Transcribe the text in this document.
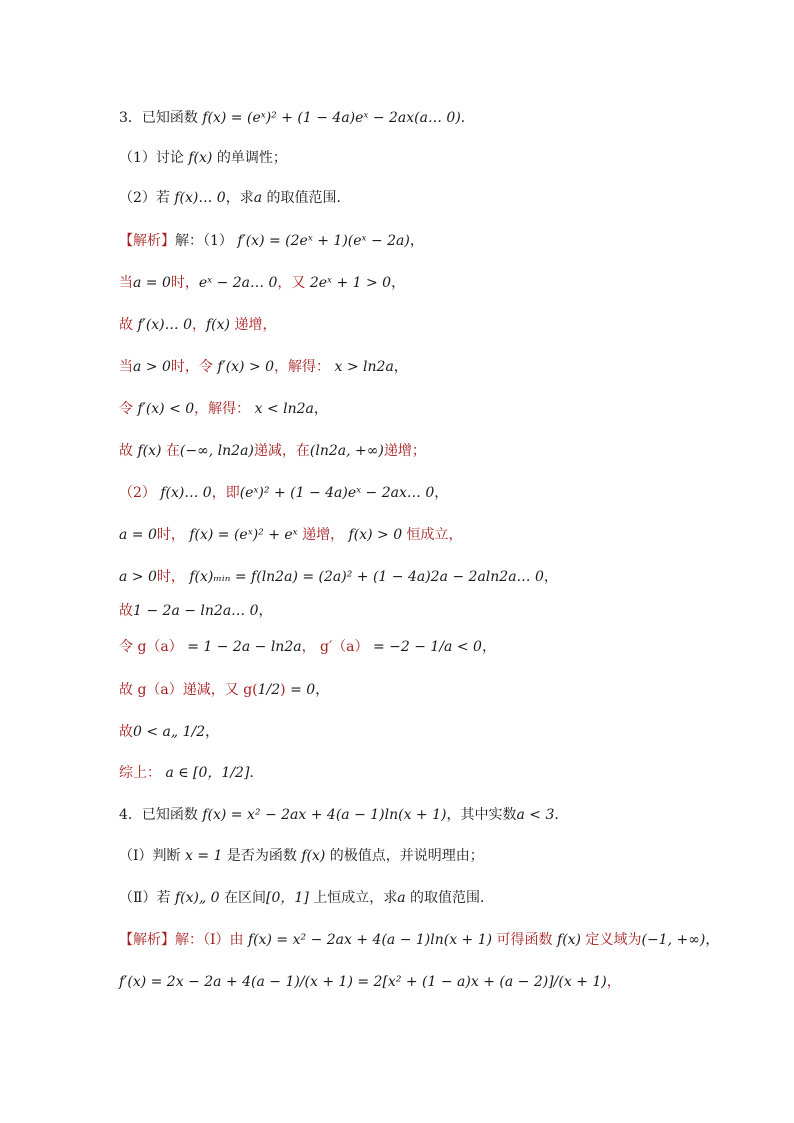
3．已知函数 f(x) = (eˣ)² + (1 − 4a)eˣ − 2ax(a… 0)．
（1）讨论 f(x) 的单调性；
（2）若 f(x)… 0，求a 的取值范围．
【解析】解：（1） f′(x) = (2eˣ + 1)(eˣ − 2a)，
当a = 0时，eˣ − 2a… 0，又 2eˣ + 1 > 0，
故 f′(x)… 0，f(x) 递增，
当a > 0时，令 f′(x) > 0，解得： x > ln2a，
令 f′(x) < 0，解得： x < ln2a，
故 f(x) 在(−∞, ln2a)递减，在(ln2a, +∞)递增；
（2） f(x)… 0，即(eˣ)² + (1 − 4a)eˣ − 2ax… 0，
a = 0时， f(x) = (eˣ)² + eˣ 递增， f(x) > 0 恒成立，
a > 0时， f(x)ₘᵢₙ = f(ln2a) = (2a)² + (1 − 4a)2a − 2aln2a… 0，
故1 − 2a − ln2a… 0，
令 g（a） = 1 − 2a − ln2a， g′（a） = −2 − 1/a < 0，
故 g（a）递减，又 g(1/2) = 0，
故0 < a„ 1/2，
综上： a ∈ [0，1/2]．
4．已知函数 f(x) = x² − 2ax + 4(a − 1)ln(x + 1)，其中实数a < 3．
（Ⅰ）判断 x = 1 是否为函数 f(x) 的极值点，并说明理由；
（Ⅱ）若 f(x)„ 0 在区间[0，1] 上恒成立，求a 的取值范围．
【解析】解：（Ⅰ）由 f(x) = x² − 2ax + 4(a − 1)ln(x + 1) 可得函数 f(x) 定义域为(−1, +∞)，
f′(x) = 2x − 2a + 4(a − 1)/(x + 1) = 2[x² + (1 − a)x + (a − 2)]/(x + 1)，
